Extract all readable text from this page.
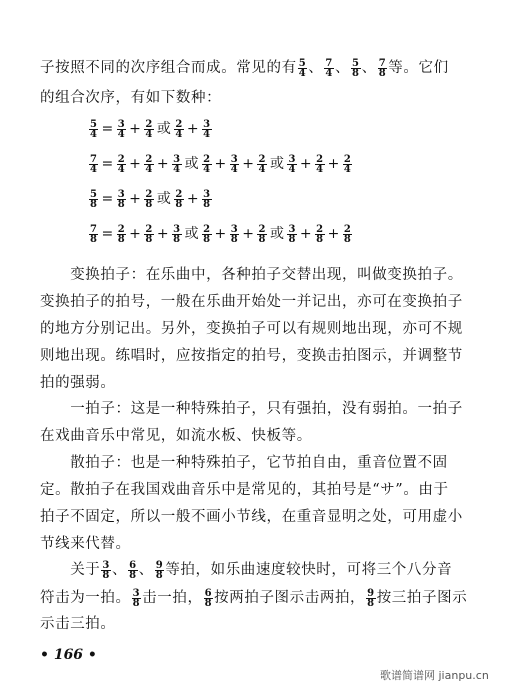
子按照不同的次序组合而成。常见的有 $\frac{5}{4}$ 、 $\frac{7}{4}$ 、 $\frac{5}{8}$ 、 $\frac{7}{8}$ 等。它们
的组合次序，有如下数种：
$\frac{5}{4} = \frac{3}{4} + \frac{2}{4}$ 或 $\frac{2}{4} + \frac{3}{4}$
$\frac{7}{4} = \frac{2}{4} + \frac{2}{4} + \frac{3}{4}$ 或 $\frac{2}{4} + \frac{3}{4} + \frac{2}{4}$ 或 $\frac{3}{4} + \frac{2}{4} + \frac{2}{4}$
$\frac{5}{8} = \frac{3}{8} + \frac{2}{8}$ 或 $\frac{2}{8} + \frac{3}{8}$
$\frac{7}{8} = \frac{2}{8} + \frac{2}{8} + \frac{3}{8}$ 或 $\frac{2}{8} + \frac{3}{8} + \frac{2}{8}$ 或 $\frac{3}{8} + \frac{2}{8} + \frac{2}{8}$
　　变换拍子：在乐曲中，各种拍子交替出现，叫做变换拍子。
变换拍子的拍号，一般在乐曲开始处一并记出，亦可在变换拍子
的地方分别记出。另外，变换拍子可以有规则地出现，亦可不规
则地出现。练唱时，应按指定的拍号，变换击拍图示，并调整节
拍的强弱。
　　一拍子：这是一种特殊拍子，只有强拍，没有弱拍。一拍子
在戏曲音乐中常见，如流水板、快板等。
　　散拍子：也是一种特殊拍子，它节拍自由，重音位置不固
定。散拍子在我国戏曲音乐中是常见的，其拍号是“サ”。由于
拍子不固定，所以一般不画小节线，在重音显明之处，可用虚小
节线来代替。
　　关于 $\frac{3}{8}$ 、 $\frac{6}{8}$ 、 $\frac{9}{8}$ 等拍，如乐曲速度较快时，可将三个八分音
符击为一拍。 $\frac{3}{8}$ 击一拍， $\frac{6}{8}$ 按两拍子图示击两拍， $\frac{9}{8}$ 按三拍子图示
示击三拍。
• 166 •
歌谱简谱网 jianpu.cn
